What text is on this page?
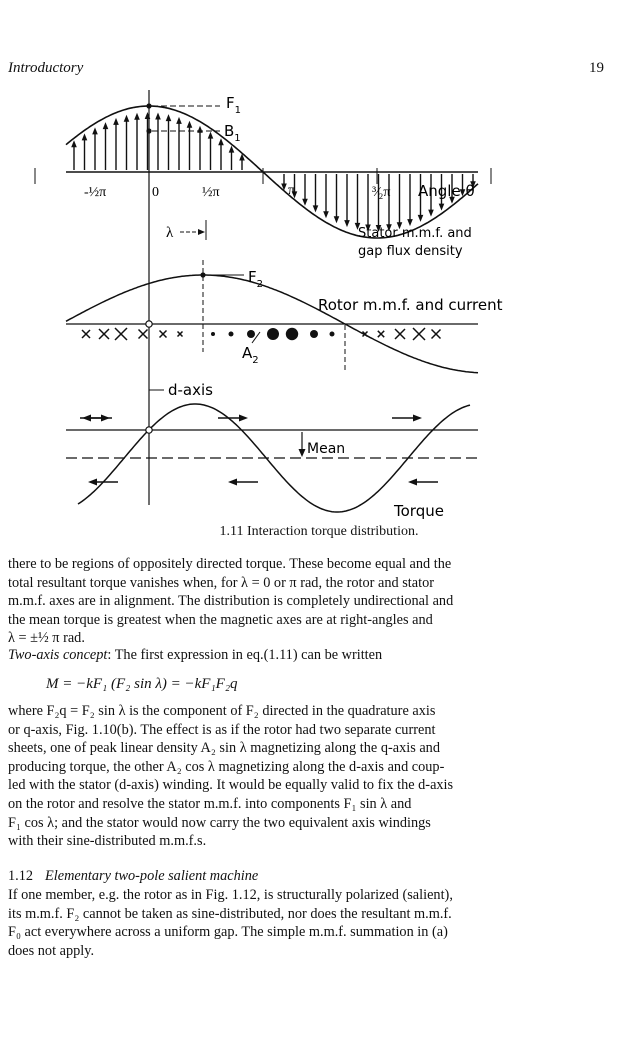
Introductory	19
$F_1$
$B_1$
-½π	0	½π	π	³⁄₂π Angle θ
λ	Stator m.m.f. and
gap flux density
$F_2$
Rotor m.m.f. and current
$A_2$
d-axis
Mean
Torque
1.11 Interaction torque distribution.

there to be regions of oppositely directed torque. These become equal and the

total resultant torque vanishes when, for λ = 0 or π rad, the rotor and stator

m.m.f. axes are in alignment. The distribution is completely undirectional and

the mean torque is greatest when the magnetic axes are at right-angles and

λ = ±½ π rad.

Two-axis concept: The first expression in eq.(1.11) can be written

M = −kF₁ (F₂ sin λ) = −kF₁F₂q

where F₂q = F₂ sin λ is the component of F₂ directed in the quadrature axis

or q-axis, Fig. 1.10(b). The effect is as if the rotor had two separate current

sheets, one of peak linear density A₂ sin λ magnetizing along the q-axis and

producing torque, the other A₂ cos λ magnetizing along the d-axis and coup-

led with the stator (d-axis) winding. It would be equally valid to fix the d-axis

on the rotor and resolve the stator m.m.f. into components F₁ sin λ and

F₁ cos λ; and the stator would now carry the two equivalent axis windings

with their sine-distributed m.m.f.s.

1.12 Elementary two-pole salient machine

If one member, e.g. the rotor as in Fig. 1.12, is structurally polarized (salient),

its m.m.f. F₂ cannot be taken as sine-distributed, nor does the resultant m.m.f.

F₀ act everywhere across a uniform gap. The simple m.m.f. summation in (a)

does not apply.
